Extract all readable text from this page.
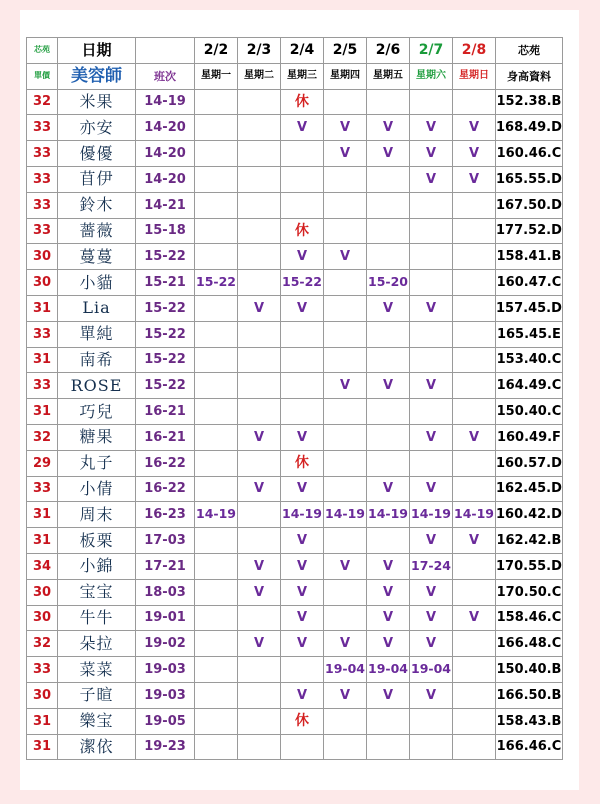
芯苑	日期		2/2	2/3	2/4	2/5	2/6	2/7	2/8	芯苑
單價	美容師	班次	星期一	星期二	星期三	星期四	星期五	星期六	星期日	身高資料
32	米果	14-19			休					152.38.B
33	亦安	14-20			V	V	V	V	V	168.49.D
33	優優	14-20				V	V	V	V	160.46.C
33	苜伊	14-20						V	V	165.55.D
33	鈴木	14-21								167.50.D
33	薔薇	15-18			休					177.52.D
30	蔓蔓	15-22			V	V				158.41.B
30	小貓	15-21	15-22		15-22		15-20			160.47.C
31	Lia	15-22		V	V		V	V		157.45.D
33	單純	15-22								165.45.E
31	南希	15-22								153.40.C
33	ROSE	15-22				V	V	V		164.49.C
31	巧兒	16-21								150.40.C
32	糖果	16-21		V	V			V	V	160.49.F
29	丸子	16-22			休					160.57.D
33	小倩	16-22		V	V		V	V		162.45.D
31	周末	16-23	14-19		14-19	14-19	14-19	14-19	14-19	160.42.D
31	板栗	17-03			V			V	V	162.42.B
34	小錦	17-21		V	V	V	V	17-24		170.55.D
30	宝宝	18-03		V	V		V	V		170.50.C
30	牛牛	19-01			V		V	V	V	158.46.C
32	朵拉	19-02		V	V	V	V	V		166.48.C
33	菜菜	19-03				19-04	19-04	19-04		150.40.B
30	子暄	19-03			V	V	V	V		166.50.B
31	樂宝	19-05			休					158.43.B
31	潔依	19-23								166.46.C
